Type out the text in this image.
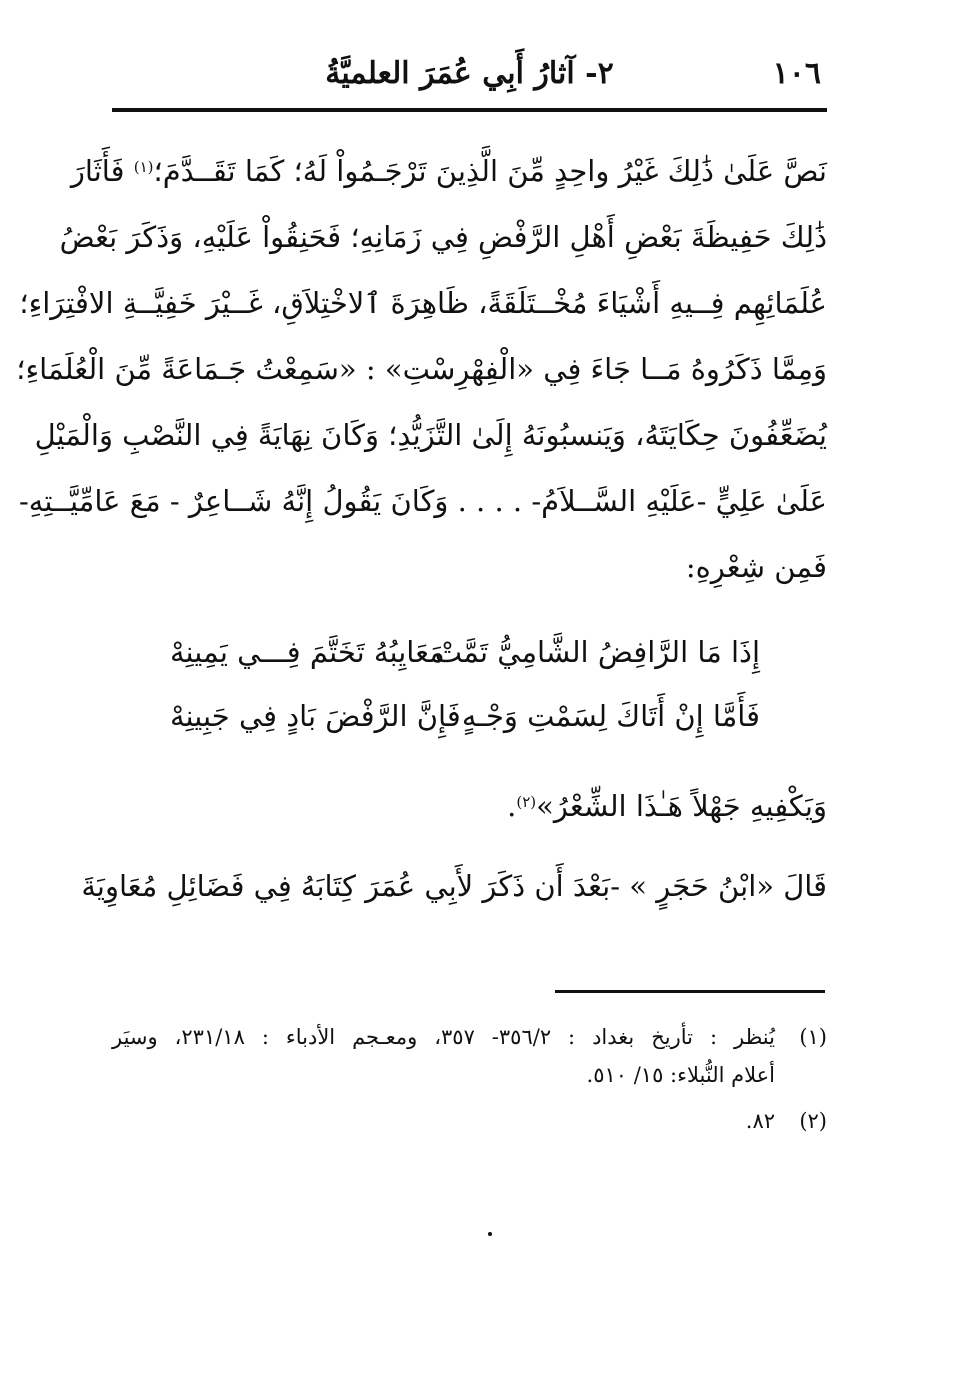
١٠٦
٢- آثارُ أَبِي عُمَرَ العلميَّةُ
نَصَّ عَلَىٰ ذَٰلِكَ غَيْرُ واحِدٍ مِّنَ الَّذِينَ تَرْجَـمُواْ لَهُ؛ كَمَا تَقَــدَّمَ؛$^{(١)}$ فَأَثَارَ
ذَٰلِكَ حَفِيظَةَ بَعْضِ أَهْلِ الرَّفْضِ فِي زَمَانِهِ؛ فَحَنِقُواْ عَلَيْهِ، وَذَكَرَ بَعْضُ
عُلَمَائِهِم فِــيهِ أَشْيَاءَ مُخْــتَلَقَةً، ظَاهِرَةَ ٱلاخْتِلاَقِ، غَــيْرَ خَفِيَّــةِ الافْتِرَاءِ؛
وَمِمَّا ذَكَرُوهُ مَــا جَاءَ فِي «الْفِهْرِسْتِ» : «سَمِعْتُ جَـمَاعَةً مِّنَ الْعُلَمَاءِ؛
يُضَعِّفُونَ حِكَايَتَهُ، وَيَنسبُونَهُ إِلَىٰ التَّزَيُّدِ؛ وَكَانَ نِهَايَةً فِي النَّصْبِ وَالْمَيْلِ
عَلَىٰ عَلِيٍّ -عَلَيْهِ السَّــلاَمُ- . . . . وَكَانَ يَقُولُ إِنَّهُ شَــاعِرٌ - مَعَ عَامِّيَّــتِهِ-
فَمِن شِعْرِهِ:
إِذَا مَا الرَّافِضُ الشَّامِيُّ تَمَّتْ
مَعَايِبُهُ تَخَتَّمَ فِـــي يَمِينِهْ
فَأَمَّا إِنْ أَتَاكَ لِسَمْتِ وَجْـهٍ
فَإِنَّ الرَّفْضَ بَادٍ فِي جَبِينِهْ
وَيَكْفِيهِ جَهْلاً هَـٰذَا الشِّعْرُ»$^{(٢)}$.
قَالَ «ابْنُ حَجَرٍ » -بَعْدَ أَن ذَكَرَ لأَبِي عُمَرَ كِتَابَهُ فِي فَضَائِلِ مُعَاوِيَةَ
(١)
يُنظر : تأريخ بغداد : ٣٥٦/٢- ٣٥٧، ومعـجم الأدباء : ٢٣١/١٨، وسيَر
أعلام النُّبلاء: ١٥/ ٥١٠.
(٢)
٨٢.
